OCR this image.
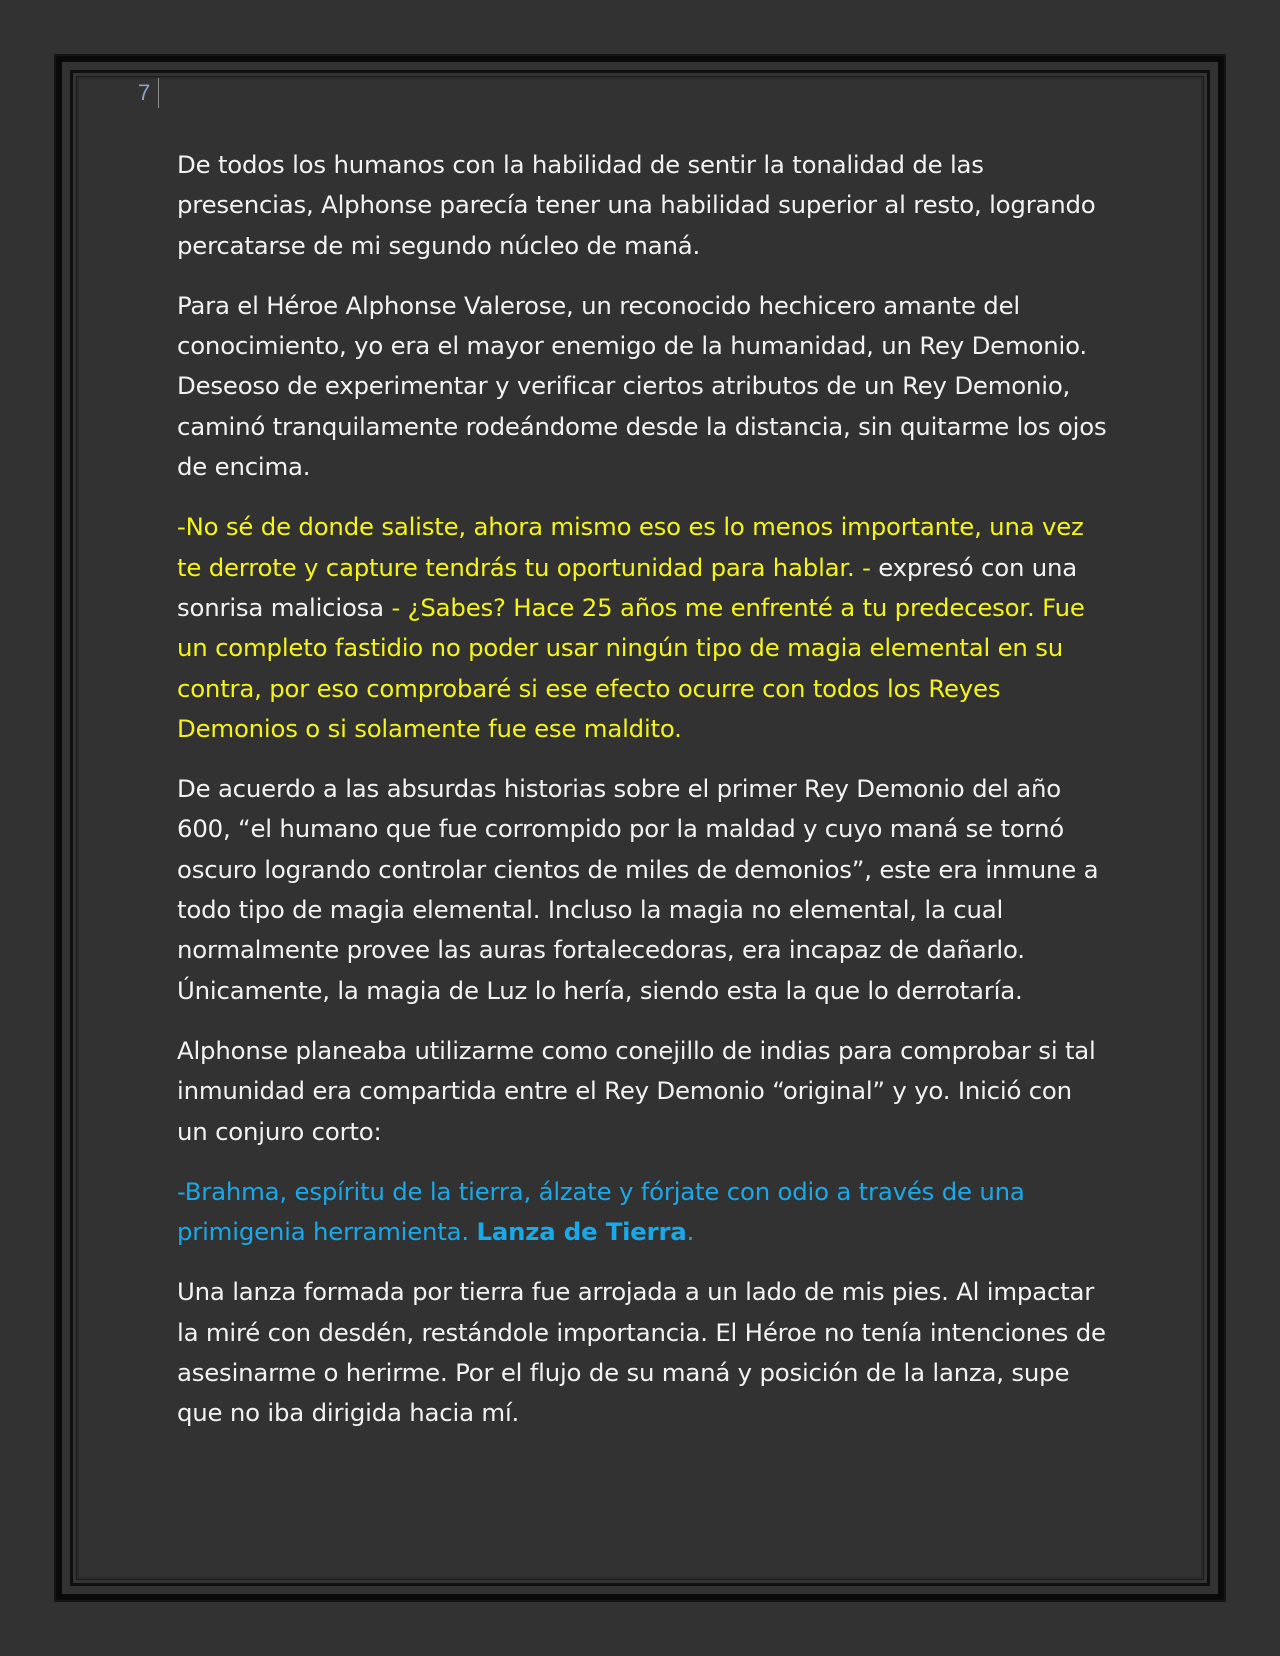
7

De todos los humanos con la habilidad de sentir la tonalidad de las presencias, Alphonse parecía tener una habilidad superior al resto, logrando percatarse de mi segundo núcleo de maná.

Para el Héroe Alphonse Valerose, un reconocido hechicero amante del conocimiento, yo era el mayor enemigo de la humanidad, un Rey Demonio. Deseoso de experimentar y verificar ciertos atributos de un Rey Demonio, caminó tranquilamente rodeándome desde la distancia, sin quitarme los ojos de encima.

-No sé de donde saliste, ahora mismo eso es lo menos importante, una vez te derrote y capture tendrás tu oportunidad para hablar. - expresó con una sonrisa maliciosa - ¿Sabes? Hace 25 años me enfrenté a tu predecesor. Fue un completo fastidio no poder usar ningún tipo de magia elemental en su contra, por eso comprobaré si ese efecto ocurre con todos los Reyes Demonios o si solamente fue ese maldito.

De acuerdo a las absurdas historias sobre el primer Rey Demonio del año 600, “el humano que fue corrompido por la maldad y cuyo maná se tornó oscuro logrando controlar cientos de miles de demonios”, este era inmune a todo tipo de magia elemental. Incluso la magia no elemental, la cual normalmente provee las auras fortalecedoras, era incapaz de dañarlo. Únicamente, la magia de Luz lo hería, siendo esta la que lo derrotaría.

Alphonse planeaba utilizarme como conejillo de indias para comprobar si tal inmunidad era compartida entre el Rey Demonio “original” y yo. Inició con un conjuro corto:

-Brahma, espíritu de la tierra, álzate y fórjate con odio a través de una primigenia herramienta. Lanza de Tierra.

Una lanza formada por tierra fue arrojada a un lado de mis pies. Al impactar la miré con desdén, restándole importancia. El Héroe no tenía intenciones de asesinarme o herirme. Por el flujo de su maná y posición de la lanza, supe que no iba dirigida hacia mí.
